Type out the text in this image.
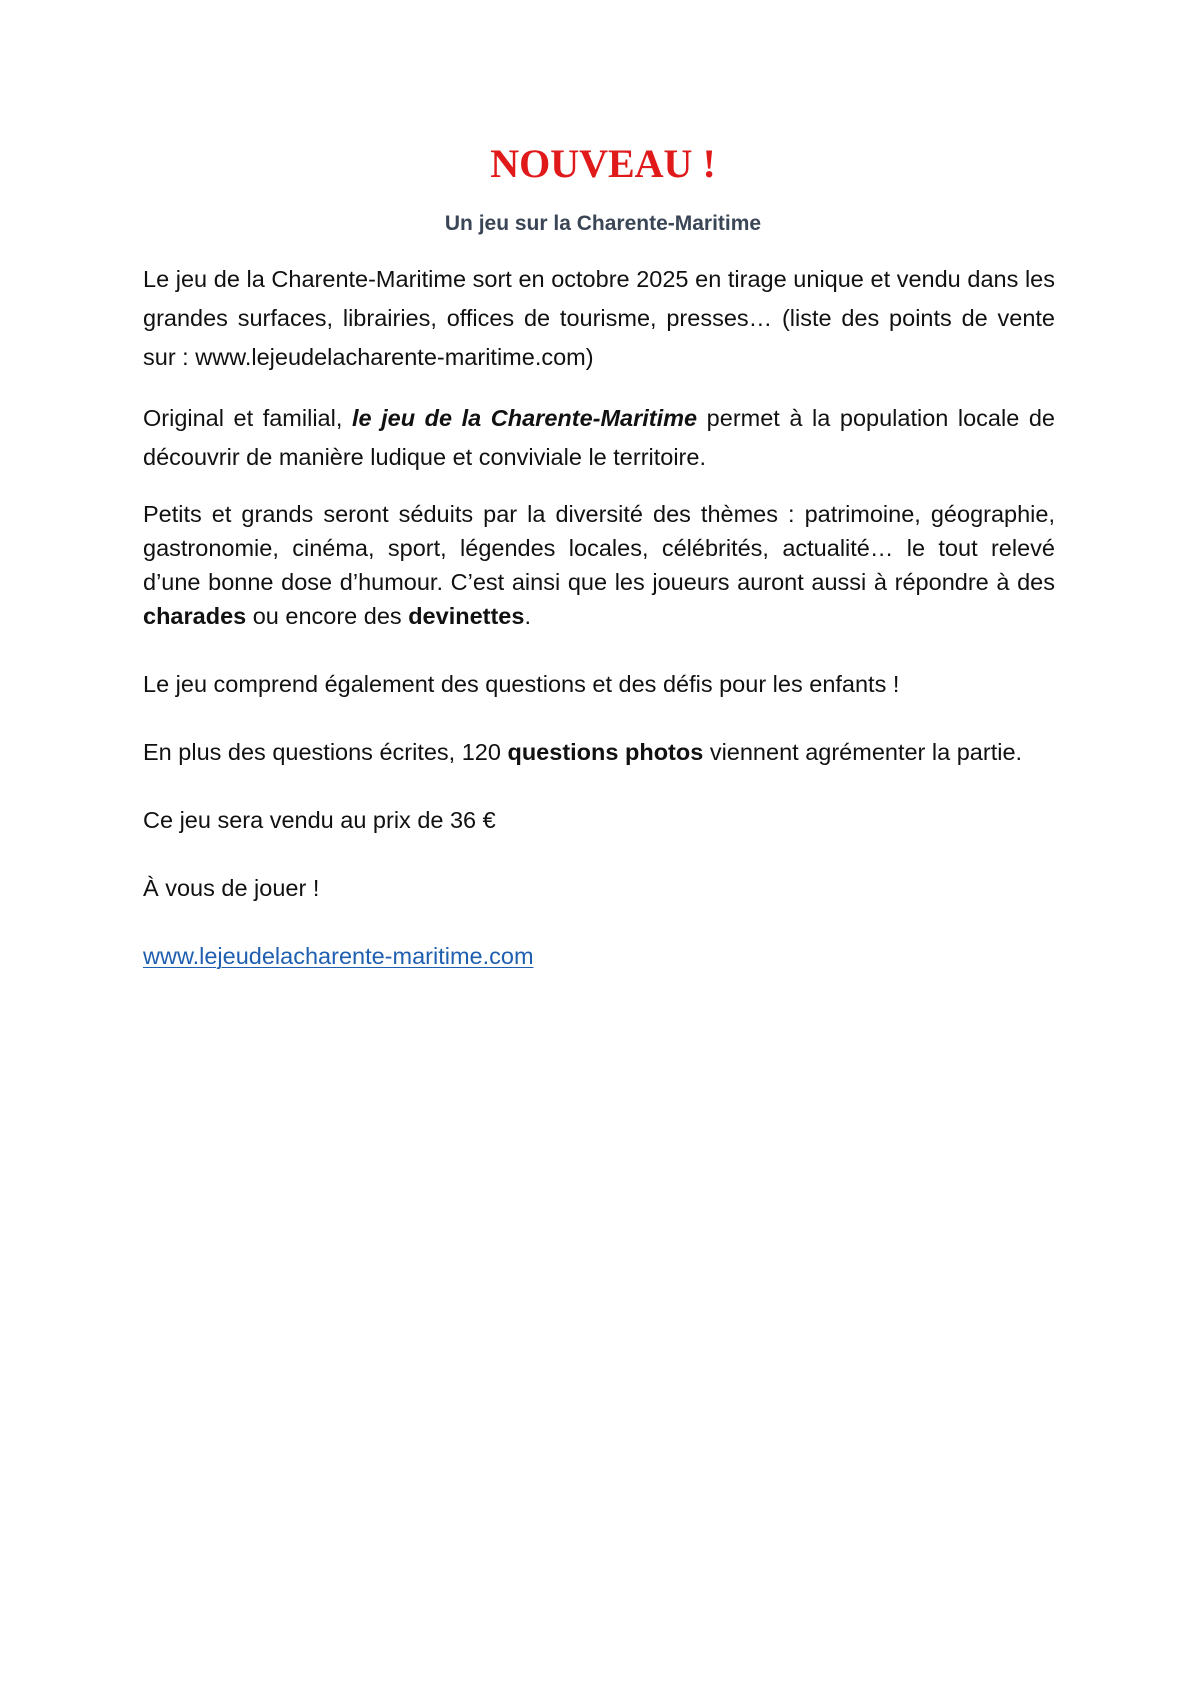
NOUVEAU !
Un jeu sur la Charente-Maritime

Le jeu de la Charente-Maritime sort en octobre 2025 en tirage unique et vendu dans les grandes surfaces, librairies, offices de tourisme, presses… (liste des points de vente sur : www.lejeudelacharente-maritime.com)

Original et familial, le jeu de la Charente-Maritime permet à la population locale de découvrir de manière ludique et conviviale le territoire.

Petits et grands seront séduits par la diversité des thèmes : patrimoine, géographie, gastronomie, cinéma, sport, légendes locales, célébrités, actualité… le tout relevé d’une bonne dose d’humour. C’est ainsi que les joueurs auront aussi à répondre à des charades ou encore des devinettes.

Le jeu comprend également des questions et des défis pour les enfants !

En plus des questions écrites, 120 questions photos viennent agrémenter la partie.

Ce jeu sera vendu au prix de 36 €

À vous de jouer !

www.lejeudelacharente-maritime.com
